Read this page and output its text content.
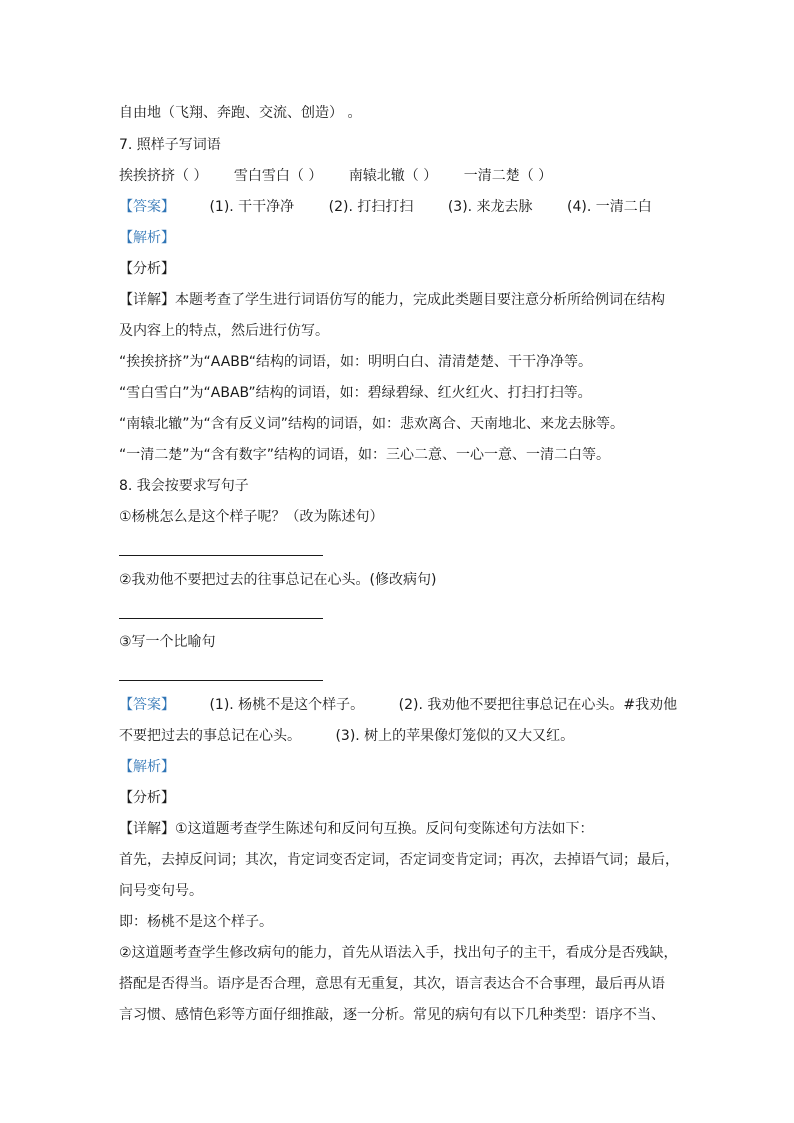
自由地（飞翔、奔跑、交流、创造） 。
7. 照样子写词语
挨挨挤挤（ ） 雪白雪白（ ） 南辕北辙（ ） 一清二楚（ ）
【答案】 (1). 干干净净 (2). 打扫打扫 (3). 来龙去脉 (4). 一清二白
【解析】
【分析】
【详解】本题考查了学生进行词语仿写的能力，完成此类题目要注意分析所给例词在结构
及内容上的特点，然后进行仿写。
“挨挨挤挤”为“AABB“结构的词语，如：明明白白、清清楚楚、干干净净等。
“雪白雪白”为“ABAB”结构的词语，如：碧绿碧绿、红火红火、打扫打扫等。
“南辕北辙”为“含有反义词”结构的词语，如：悲欢离合、天南地北、来龙去脉等。
“一清二楚”为“含有数字”结构的词语，如：三心二意、一心一意、一清二白等。
8. 我会按要求写句子
①杨桃怎么是这个样子呢？（改为陈述句）
②我劝他不要把过去的往事总记在心头。(修改病句)
③写一个比喻句
【答案】 (1). 杨桃不是这个样子。 (2). 我劝他不要把往事总记在心头。#我劝他
不要把过去的事总记在心头。 (3). 树上的苹果像灯笼似的又大又红。
【解析】
【分析】
【详解】①这道题考查学生陈述句和反问句互换。反问句变陈述句方法如下：
首先，去掉反问词；其次，肯定词变否定词，否定词变肯定词；再次，去掉语气词；最后，
问号变句号。
即：杨桃不是这个样子。
②这道题考查学生修改病句的能力，首先从语法入手，找出句子的主干，看成分是否残缺，
搭配是否得当。语序是否合理，意思有无重复，其次，语言表达合不合事理，最后再从语
言习惯、感情色彩等方面仔细推敲，逐一分析。常见的病句有以下几种类型：语序不当、
